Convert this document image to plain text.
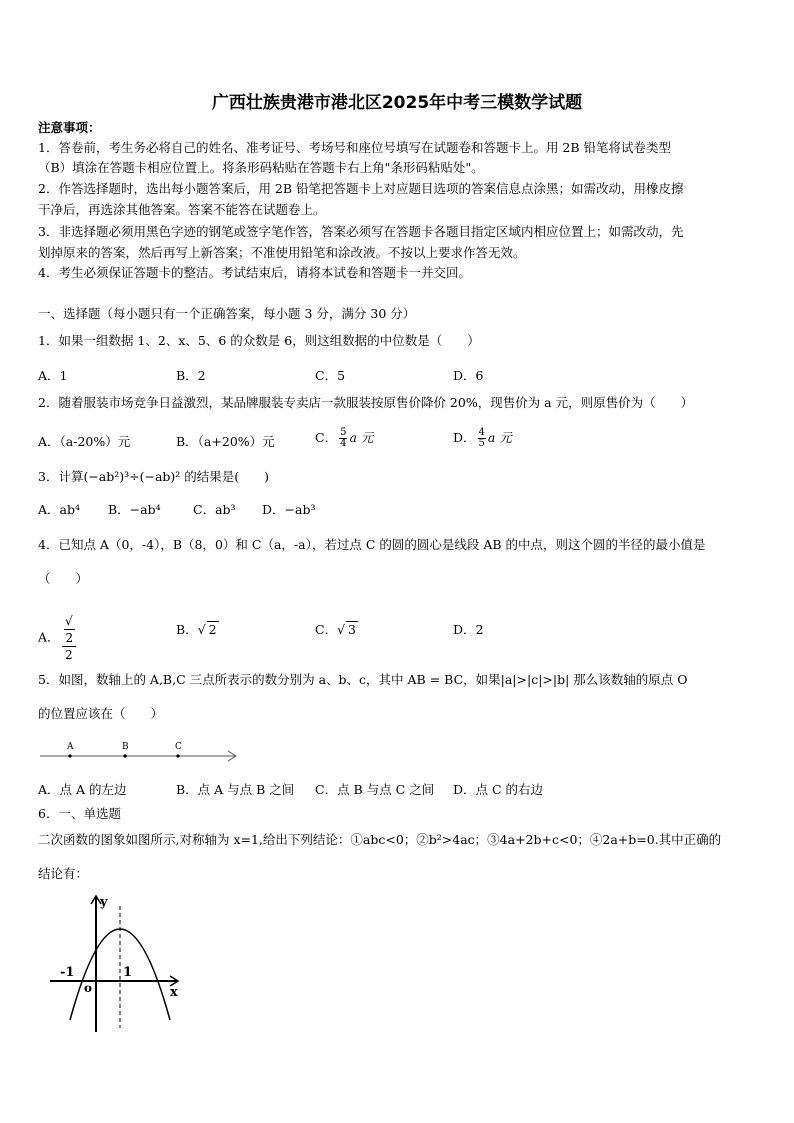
广西壮族贵港市港北区2025年中考三模数学试题
注意事项：
1．答卷前，考生务必将自己的姓名、准考证号、考场号和座位号填写在试题卷和答题卡上。用 2B 铅笔将试卷类型
（B）填涂在答题卡相应位置上。将条形码粘贴在答题卡右上角"条形码粘贴处"。
2．作答选择题时，选出每小题答案后，用 2B 铅笔把答题卡上对应题目选项的答案信息点涂黑；如需改动，用橡皮擦
干净后，再选涂其他答案。答案不能答在试题卷上。
3．非选择题必须用黑色字迹的钢笔或签字笔作答，答案必须写在答题卡各题目指定区域内相应位置上；如需改动，先
划掉原来的答案，然后再写上新答案；不准使用铅笔和涂改液。不按以上要求作答无效。
4．考生必须保证答题卡的整洁。考试结束后，请将本试卷和答题卡一并交回。
一、选择题（每小题只有一个正确答案，每小题 3 分，满分 30 分）
1．如果一组数据 1、2、x、5、6 的众数是 6，则这组数据的中位数是（　　）
A．1	B．2	C．5	D．6
2．随着服装市场竞争日益激烈，某品牌服装专卖店一款服装按原售价降价 20%，现售价为 a 元，则原售价为（　　）
A．（a-20%）元	B．（a+20%）元	C． $\frac{5}{4}$ a 元	D． $\frac{4}{5}$ a 元
3．计算(−ab²)³÷(−ab)² 的结果是(　　)
A．ab⁴ B．−ab⁴	C．ab³ D．−ab³
4．已知点 A（0，-4），B（8，0）和 C（a，-a），若过点 C 的圆的圆心是线段 AB 的中点，则这个圆的半径的最小值是
（　　）
A． √
2
2	B．√ 2	C．√ 3	D．2
5．如图，数轴上的 A,B,C 三点所表示的数分别为 a、b、c，其中 AB = BC，如果|a|>|c|>|b| 那么该数轴的原点 O
的位置应该在（　　）
A	B	C
A．点 A 的左边	B．点 A 与点 B 之间 C．点 B 与点 C 之间 D．点 C 的右边
6．一、单选题
二次函数的图象如图所示,对称轴为 x=1,给出下列结论：①abc<0；②b²>4ac；③4a+2b+c<0；④2a+b=0.其中正确的
结论有：
y
x
o
-1	1
